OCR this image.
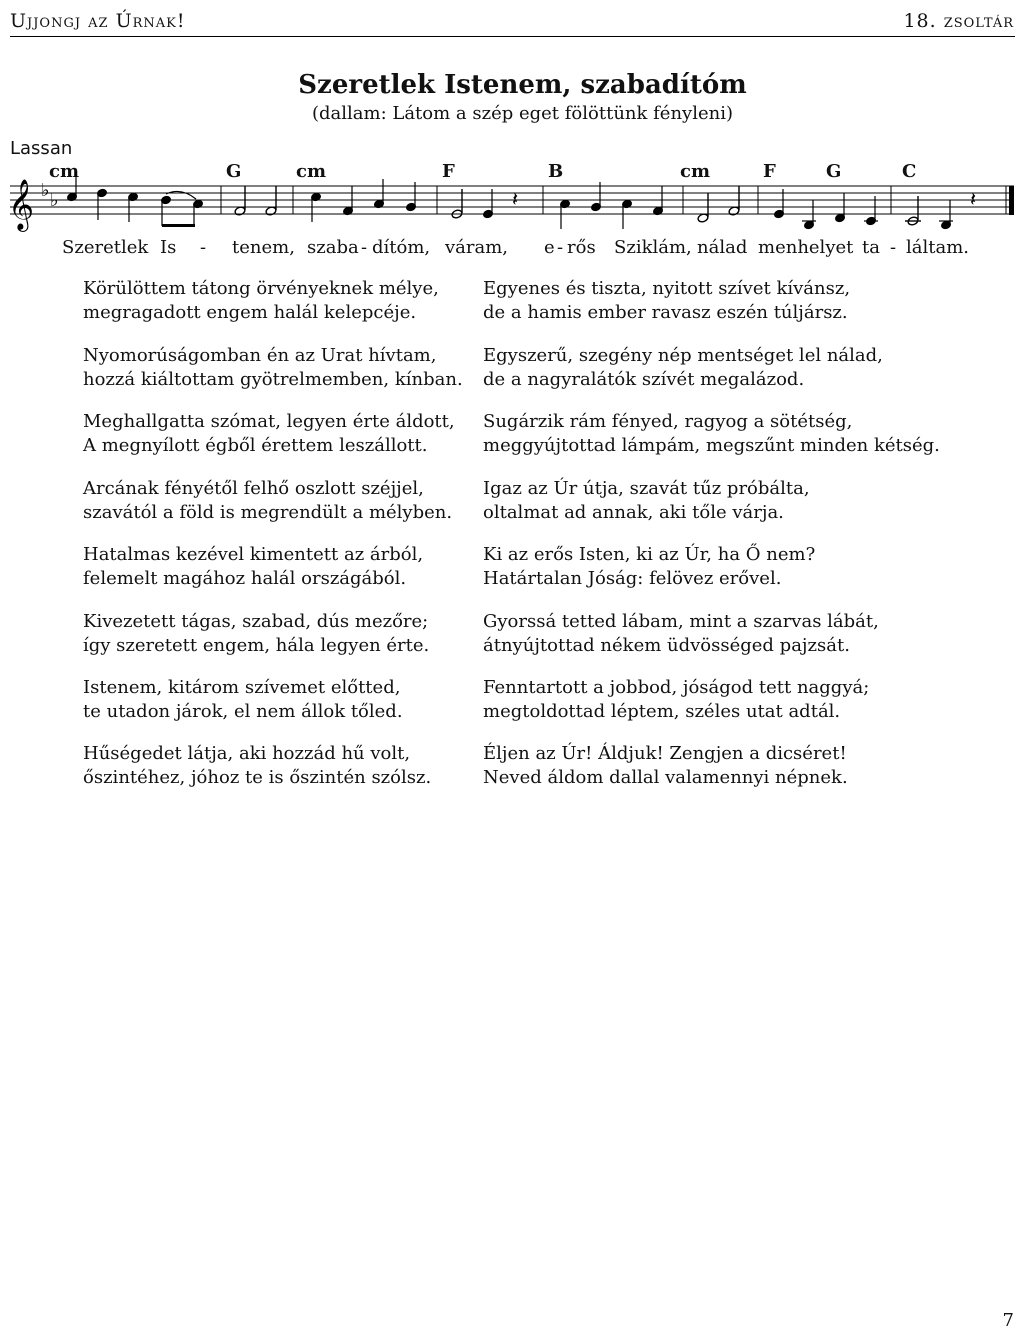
Ujjongj az Úrnak!	18. zsoltár
Szeretlek Istenem, szabadítóm
(dallam: Látom a szép eget fölöttünk fényleni)
Lassan
cm	G	cm	F	B	cm	F	G	C
𝄞 ♭ ♭	𝄽	𝄽
Szeretlek Is - tenem, szaba - dítóm, váram, e - rős Sziklám, nálad menhelyet ta - láltam.
Körülöttem tátong örvényeknek mélye,
megragadott engem halál kelepcéje.
Nyomorúságomban én az Urat hívtam,
hozzá kiáltottam gyötrelmemben, kínban.
Meghallgatta szómat, legyen érte áldott,
A megnyílott égből érettem leszállott.
Arcának fényétől felhő oszlott széjjel,
szavától a föld is megrendült a mélyben.
Hatalmas kezével kimentett az árból,
felemelt magához halál országából.
Kivezetett tágas, szabad, dús mezőre;
így szeretett engem, hála legyen érte.
Istenem, kitárom szívemet előtted,
te utadon járok, el nem állok tőled.
Hűségedet látja, aki hozzád hű volt,
őszintéhez, jóhoz te is őszintén szólsz.
Egyenes és tiszta, nyitott szívet kívánsz,
de a hamis ember ravasz eszén túljársz.
Egyszerű, szegény nép mentséget lel nálad,
de a nagyralátók szívét megalázod.
Sugárzik rám fényed, ragyog a sötétség,
meggyújtottad lámpám, megszűnt minden kétség.
Igaz az Úr útja, szavát tűz próbálta,
oltalmat ad annak, aki tőle várja.
Ki az erős Isten, ki az Úr, ha Ő nem?
Határtalan Jóság: felövez erővel.
Gyorssá tetted lábam, mint a szarvas lábát,
átnyújtottad nékem üdvösséged pajzsát.
Fenntartott a jobbod, jóságod tett naggyá;
megtoldottad léptem, széles utat adtál.
Éljen az Úr! Áldjuk! Zengjen a dicséret!
Neved áldom dallal valamennyi népnek.
7
